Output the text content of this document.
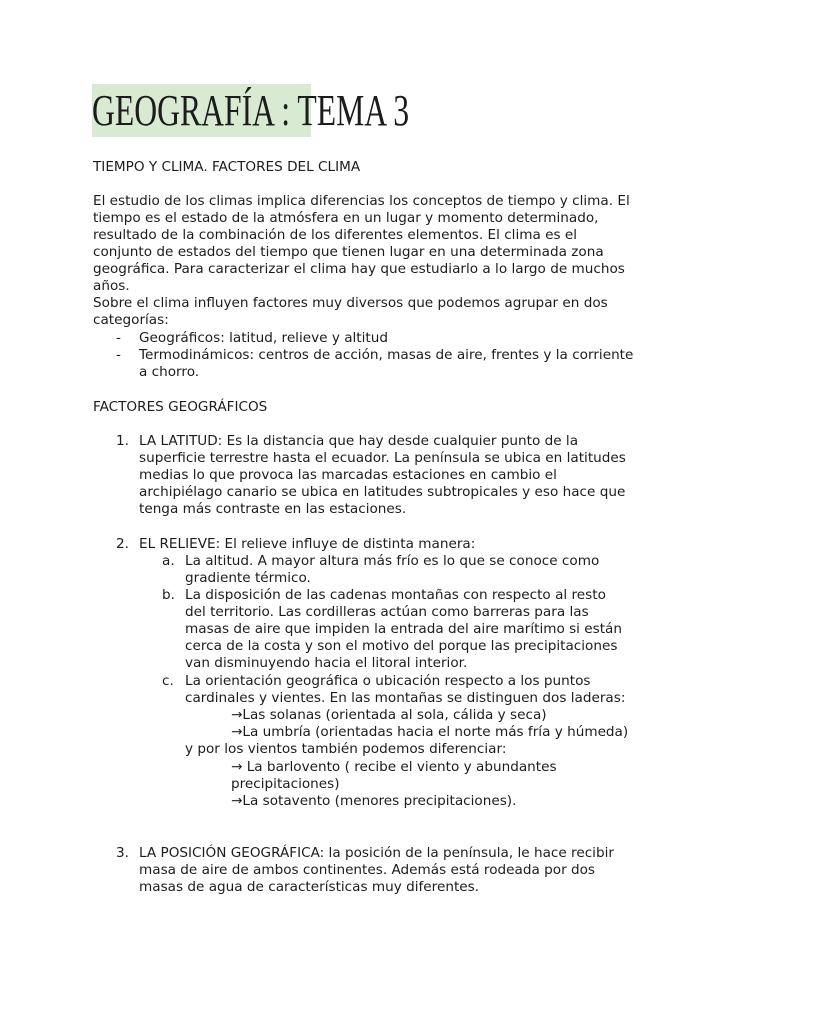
GEOGRAFÍA : TEMA 3
TIEMPO Y CLIMA. FACTORES DEL CLIMA

El estudio de los climas implica diferencias los conceptos de tiempo y clima. El

tiempo es el estado de la atmósfera en un lugar y momento determinado,

resultado de la combinación de los diferentes elementos. El clima es el

conjunto de estados del tiempo que tienen lugar en una determinada zona

geográfica. Para caracterizar el clima hay que estudiarlo a lo largo de muchos

años.

Sobre el clima influyen factores muy diversos que podemos agrupar en dos

categorías:

- Geográficos: latitud, relieve y altitud
- Termodinámicos: centros de acción, masas de aire, frentes y la corriente

a chorro.

FACTORES GEOGRÁFICOS
1. LA LATITUD: Es la distancia que hay desde cualquier punto de la

superficie terrestre hasta el ecuador. La península se ubica en latitudes

medias lo que provoca las marcadas estaciones en cambio el

archipiélago canario se ubica en latitudes subtropicales y eso hace que

tenga más contraste en las estaciones.

2. EL RELIEVE: El relieve influye de distinta manera:
a. La altitud. A mayor altura más frío es lo que se conoce como

gradiente térmico.

b. La disposición de las cadenas montañas con respecto al resto

del territorio. Las cordilleras actúan como barreras para las

masas de aire que impiden la entrada del aire marítimo si están

cerca de la costa y son el motivo del porque las precipitaciones

van disminuyendo hacia el litoral interior.

c. La orientación geográfica o ubicación respecto a los puntos

cardinales y vientes. En las montañas se distinguen dos laderas:

→Las solanas (orientada al sola, cálida y seca)

→La umbría (orientadas hacia el norte más fría y húmeda)

y por los vientos también podemos diferenciar:

→ La barlovento ( recibe el viento y abundantes

precipitaciones)

→La sotavento (menores precipitaciones).

3. LA POSICIÓN GEOGRÁFICA: la posición de la península, le hace recibir

masa de aire de ambos continentes. Además está rodeada por dos

masas de agua de características muy diferentes.
